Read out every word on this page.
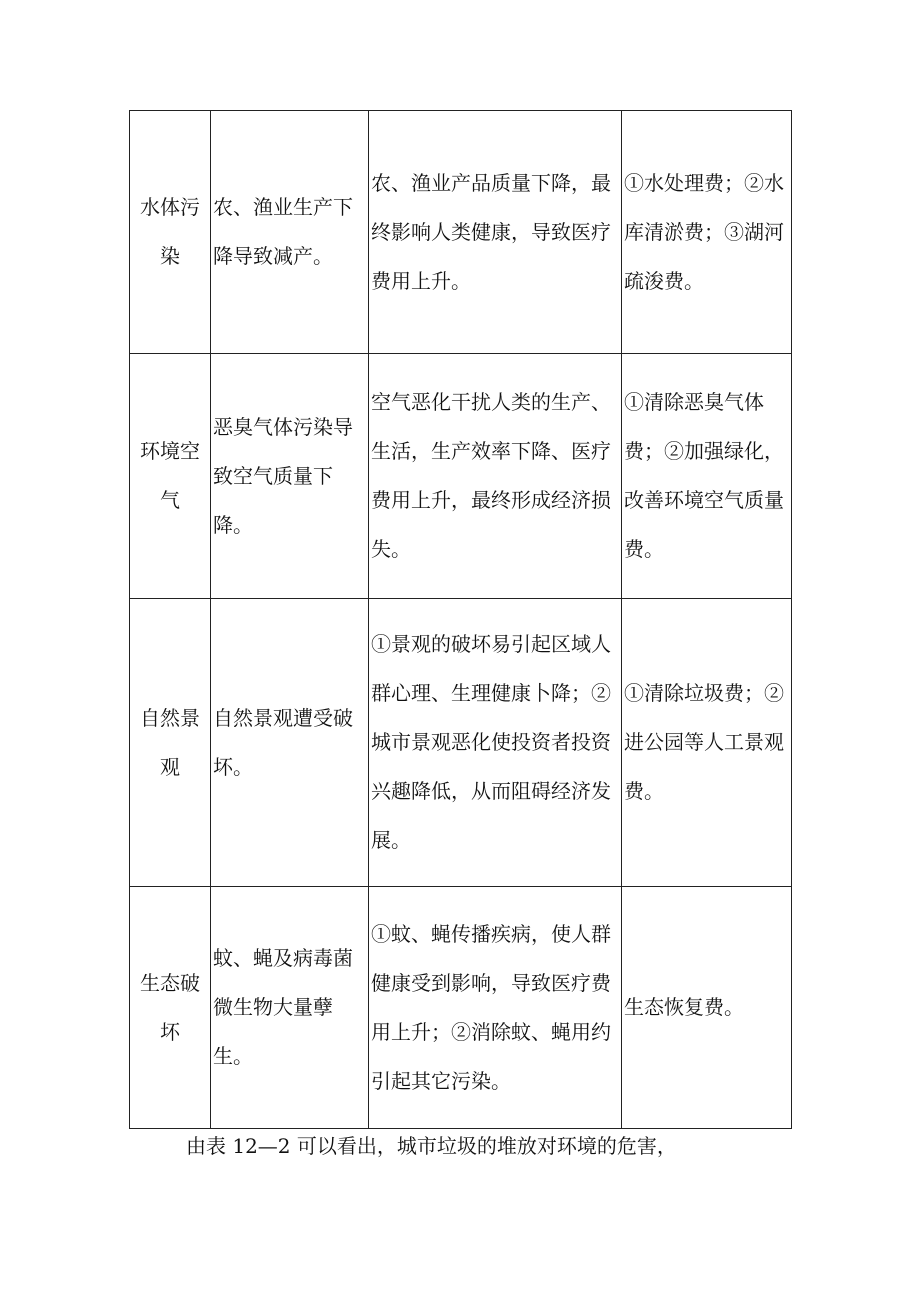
水体污染	农、渔业生产下降导致减产。	农、渔业产品质量下降，最终影响人类健康，导致医疗费用上升。	①水处理费；②水库清淤费；③湖河疏浚费。
环境空气	恶臭气体污染导致空气质量下降。	空气恶化干扰人类的生产、生活，生产效率下降、医疗费用上升，最终形成经济损失。	①清除恶臭气体费；②加强绿化，改善环境空气质量费。
自然景观	自然景观遭受破坏。	①景观的破坏易引起区域人群心理、生理健康卜降；②城市景观恶化使投资者投资兴趣降低，从而阻碍经济发展。	①清除垃圾费；②进公园等人工景观费。
生态破坏	蚊、蝇及病毒菌微生物大量孽生。	①蚊、蝇传播疾病，使人群健康受到影响，导致医疗费用上升；②消除蚊、蝇用约引起其它污染。	生态恢复费。
由表 12—2 可以看出，城市垃圾的堆放对环境的危害，
